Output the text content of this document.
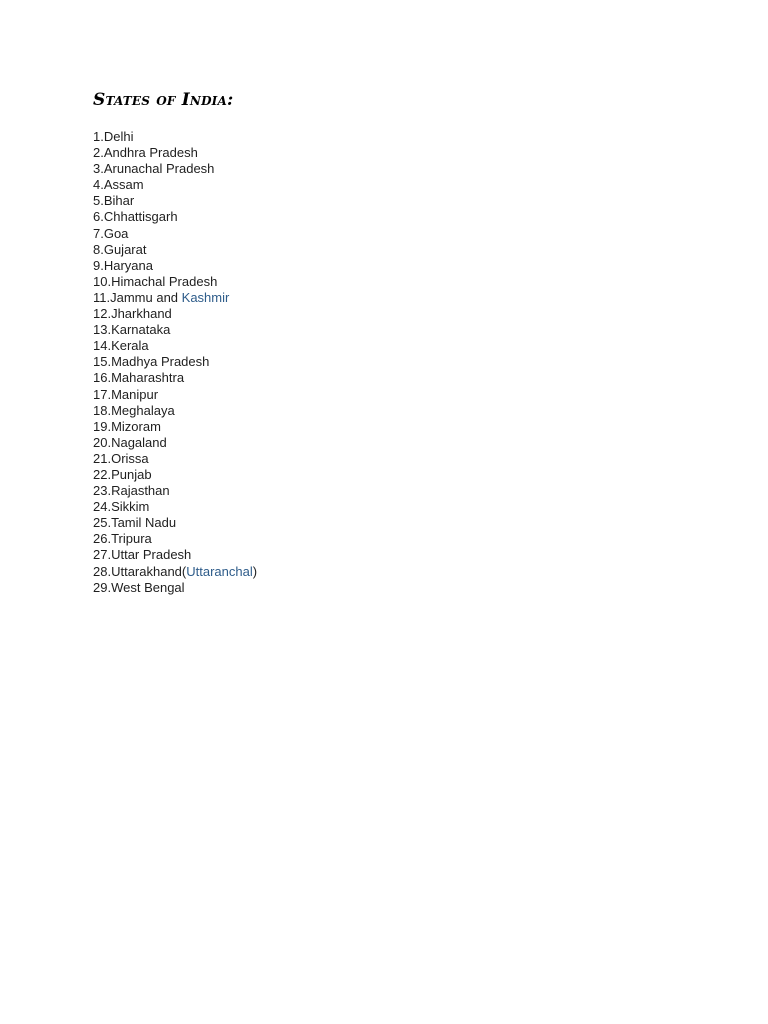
States of India:
1.Delhi
2.Andhra Pradesh
3.Arunachal Pradesh
4.Assam
5.Bihar
6.Chhattisgarh
7.Goa
8.Gujarat
9.Haryana
10.Himachal Pradesh
11.Jammu and Kashmir
12.Jharkhand
13.Karnataka
14.Kerala
15.Madhya Pradesh
16.Maharashtra
17.Manipur
18.Meghalaya
19.Mizoram
20.Nagaland
21.Orissa
22.Punjab
23.Rajasthan
24.Sikkim
25.Tamil Nadu
26.Tripura
27.Uttar Pradesh
28.Uttarakhand(Uttaranchal)
29.West Bengal
